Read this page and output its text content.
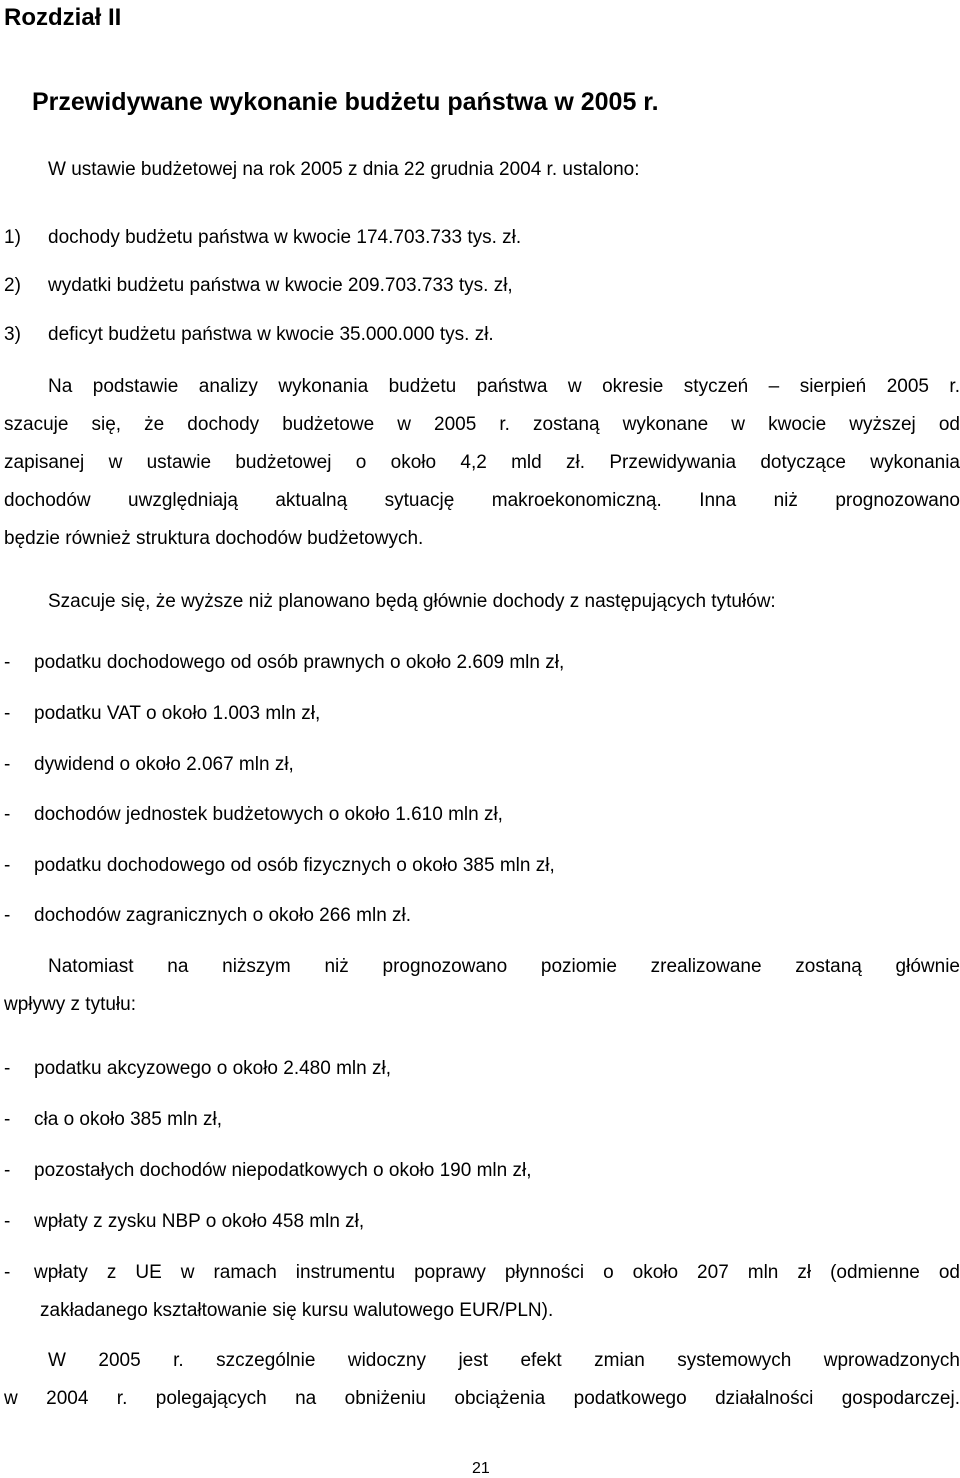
Rozdział II
Przewidywane wykonanie budżetu państwa w 2005 r.

W ustawie budżetowej na rok 2005 z dnia 22 grudnia 2004 r. ustalono:

1) dochody budżetu państwa w kwocie 174.703.733 tys. zł.
2) wydatki budżetu państwa w kwocie 209.703.733 tys. zł,
3) deficyt budżetu państwa w kwocie 35.000.000 tys. zł.
Na podstawie analizy wykonania budżetu państwa w okresie styczeń – sierpień 2005 r.
szacuje się, że dochody budżetowe w 2005 r. zostaną wykonane w kwocie wyższej od
zapisanej w ustawie budżetowej o około 4,2 mld zł. Przewidywania dotyczące wykonania
dochodów uwzględniają aktualną sytuację makroekonomiczną. Inna niż prognozowano
będzie również struktura dochodów budżetowych.

Szacuje się, że wyższe niż planowano będą głównie dochody z następujących tytułów:

- podatku dochodowego od osób prawnych o około 2.609 mln zł,
- podatku VAT o około 1.003 mln zł,
- dywidend o około 2.067 mln zł,
- dochodów jednostek budżetowych o około 1.610 mln zł,
- podatku dochodowego od osób fizycznych o około 385 mln zł,
- dochodów zagranicznych o około 266 mln zł.
Natomiast na niższym niż prognozowano poziomie zrealizowane zostaną głównie
wpływy z tytułu:
- podatku akcyzowego o około 2.480 mln zł,
- cła o około 385 mln zł,
- pozostałych dochodów niepodatkowych o około 190 mln zł,
- wpłaty z zysku NBP o około 458 mln zł,
- wpłaty z UE w ramach instrumentu poprawy płynności o około 207 mln zł (odmienne od
zakładanego kształtowanie się kursu walutowego EUR/PLN).
W 2005 r. szczególnie widoczny jest efekt zmian systemowych wprowadzonych
w 2004 r. polegających na obniżeniu obciążenia podatkowego działalności gospodarczej.
21
